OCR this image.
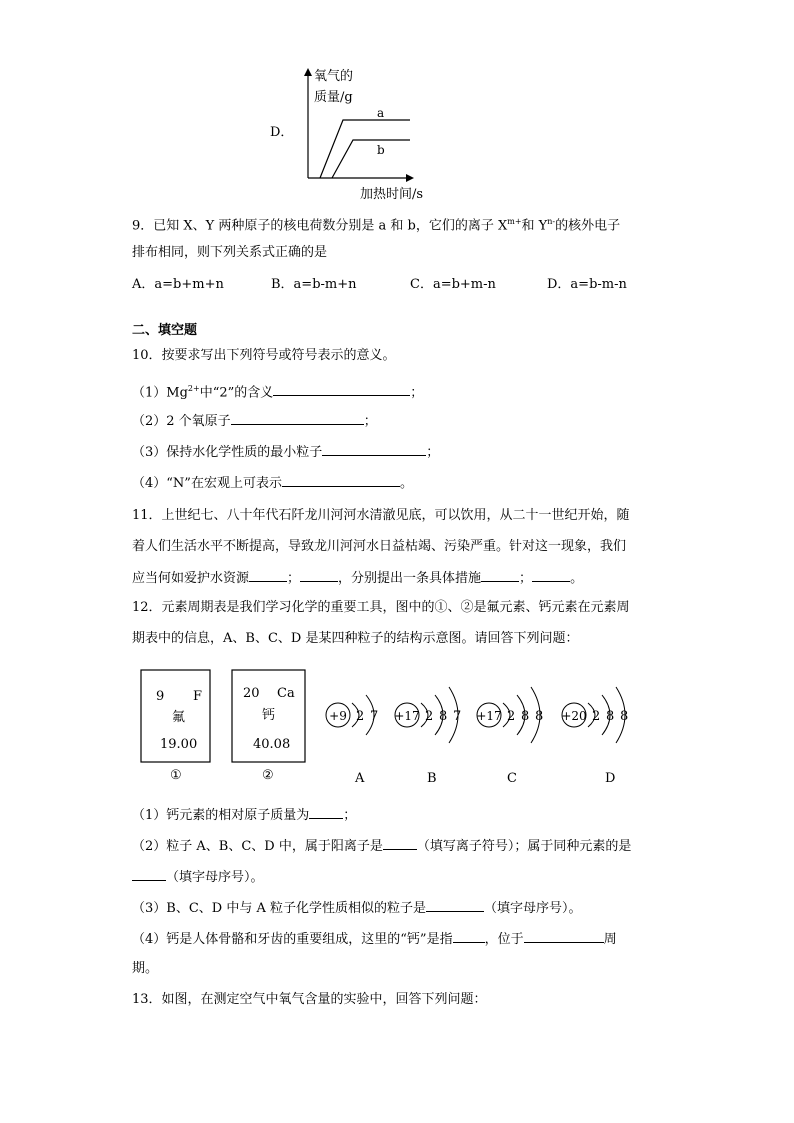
D．
氧气的
质量/g
a
b
加热时间/s
9．已知 X、Y 两种原子的核电荷数分别是 a 和 b，它们的离子 $X^{m+}$和 $Y^{n-}$的核外电子
排布相同，则下列关系式正确的是
A．a=b+m+n	B．a=b-m+n	C．a=b+m-n	D．a=b-m-n
二、填空题
10．按要求写出下列符号或符号表示的意义。
$(1)Mg^{2+}$中“2”的含义	；
（2）2 个氧原子	；
（3）保持水化学性质的最小粒子	；
（4）“N”在宏观上可表示	。
11．上世纪七、八十年代石阡龙川河河水清澈见底，可以饮用，从二十一世纪开始，随
着人们生活水平不断提高，导致龙川河河水日益枯竭、污染严重。针对这一现象，我们
应当何如爱护水资源	；	，分别提出一条具体措施	；	。
12．元素周期表是我们学习化学的重要工具，图中的①、②是氟元素、钙元素在元素周
期表中的信息，A、B、C、D 是某四种粒子的结构示意图。请回答下列问题：
9 F
氟
19.00
①
20 Ca
钙
40.08
②
+9 2 7
A
+17 2 8 7
B
+17 2 8 8
C
+20 2 8 8
D
（1）钙元素的相对原子质量为	；
（2）粒子 A、B、C、D 中，属于阳离子是	（填写离子符号）；属于同种元素的是
（填字母序号）。
（3）B、C、D 中与 A 粒子化学性质相似的粒子是	（填字母序号）。
（4）钙是人体骨骼和牙齿的重要组成，这里的“钙”是指 ，位于	周
期。
13．如图，在测定空气中氧气含量的实验中，回答下列问题：
